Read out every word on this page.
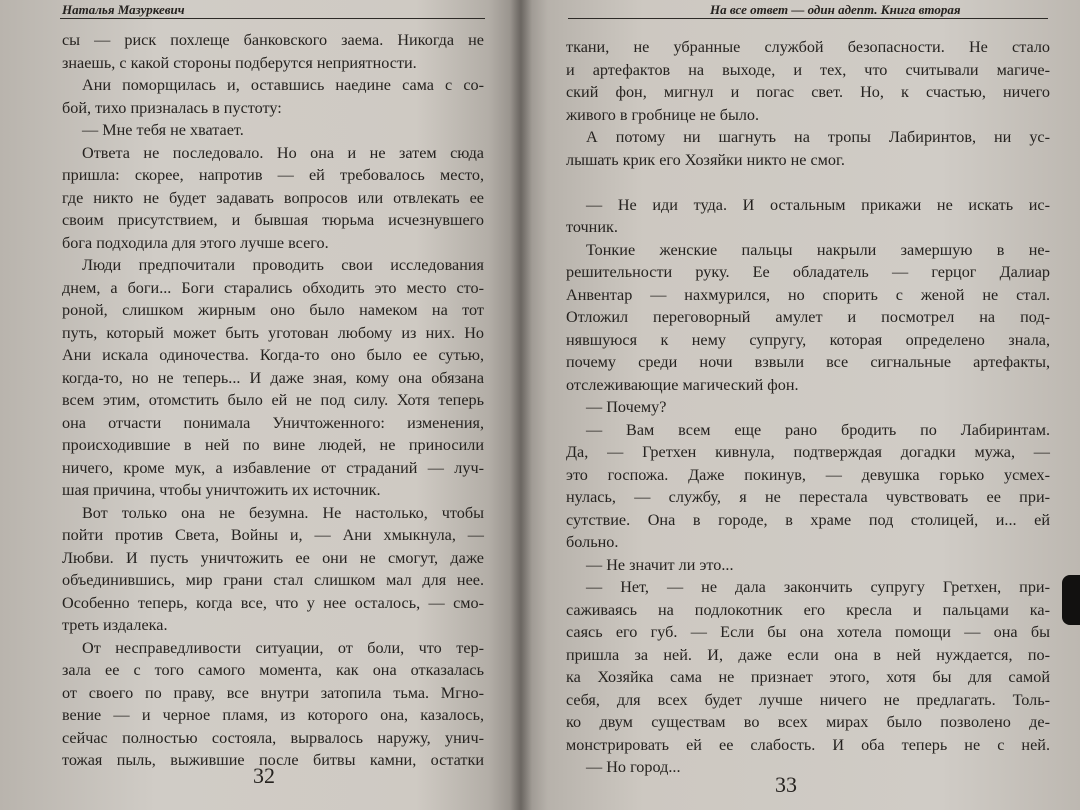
Наталья Мазуркевич
сы — риск похлеще банковского заема. Никогда не
знаешь, с какой стороны подберутся неприятности.
Ани поморщилась и, оставшись наедине сама с со-
бой, тихо призналась в пустоту:
— Мне тебя не хватает.
Ответа не последовало. Но она и не затем сюда
пришла: скорее, напротив — ей требовалось место,
где никто не будет задавать вопросов или отвлекать ее
своим присутствием, и бывшая тюрьма исчезнувшего
бога подходила для этого лучше всего.
Люди предпочитали проводить свои исследования
днем, а боги... Боги старались обходить это место сто-
роной, слишком жирным оно было намеком на тот
путь, который может быть уготован любому из них. Но
Ани искала одиночества. Когда-то оно было ее сутью,
когда-то, но не теперь... И даже зная, кому она обязана
всем этим, отомстить было ей не под силу. Хотя теперь
она отчасти понимала Уничтоженного: изменения,
происходившие в ней по вине людей, не приносили
ничего, кроме мук, а избавление от страданий — луч-
шая причина, чтобы уничтожить их источник.
Вот только она не безумна. Не настолько, чтобы
пойти против Света, Войны и, — Ани хмыкнула, —
Любви. И пусть уничтожить ее они не смогут, даже
объединившись, мир грани стал слишком мал для нее.
Особенно теперь, когда все, что у нее осталось, — смо-
треть издалека.
От несправедливости ситуации, от боли, что тер-
зала ее с того самого момента, как она отказалась
от своего по праву, все внутри затопила тьма. Мгно-
вение — и черное пламя, из которого она, казалось,
сейчас полностью состояла, вырвалось наружу, унич-
тожая пыль, выжившие после битвы камни, остатки
32
На все ответ — один адепт. Книга вторая
ткани, не убранные службой безопасности. Не стало
и артефактов на выходе, и тех, что считывали магиче-
ский фон, мигнул и погас свет. Но, к счастью, ничего
живого в гробнице не было.
А потому ни шагнуть на тропы Лабиринтов, ни ус-
лышать крик его Хозяйки никто не смог.
— Не иди туда. И остальным прикажи не искать ис-
точник.
Тонкие женские пальцы накрыли замершую в не-
решительности руку. Ее обладатель — герцог Далиар
Анвентар — нахмурился, но спорить с женой не стал.
Отложил переговорный амулет и посмотрел на под-
нявшуюся к нему супругу, которая определено знала,
почему среди ночи взвыли все сигнальные артефакты,
отслеживающие магический фон.
— Почему?
— Вам всем еще рано бродить по Лабиринтам.
Да, — Гретхен кивнула, подтверждая догадки мужа, —
это госпожа. Даже покинув, — девушка горько усмех-
нулась, — службу, я не перестала чувствовать ее при-
сутствие. Она в городе, в храме под столицей, и... ей
больно.
— Не значит ли это...
— Нет, — не дала закончить супругу Гретхен, при-
саживаясь на подлокотник его кресла и пальцами ка-
саясь его губ. — Если бы она хотела помощи — она бы
пришла за ней. И, даже если она в ней нуждается, по-
ка Хозяйка сама не признает этого, хотя бы для самой
себя, для всех будет лучше ничего не предлагать. Толь-
ко двум существам во всех мирах было позволено де-
монстрировать ей ее слабость. И оба теперь не с ней.
— Но город...
33
